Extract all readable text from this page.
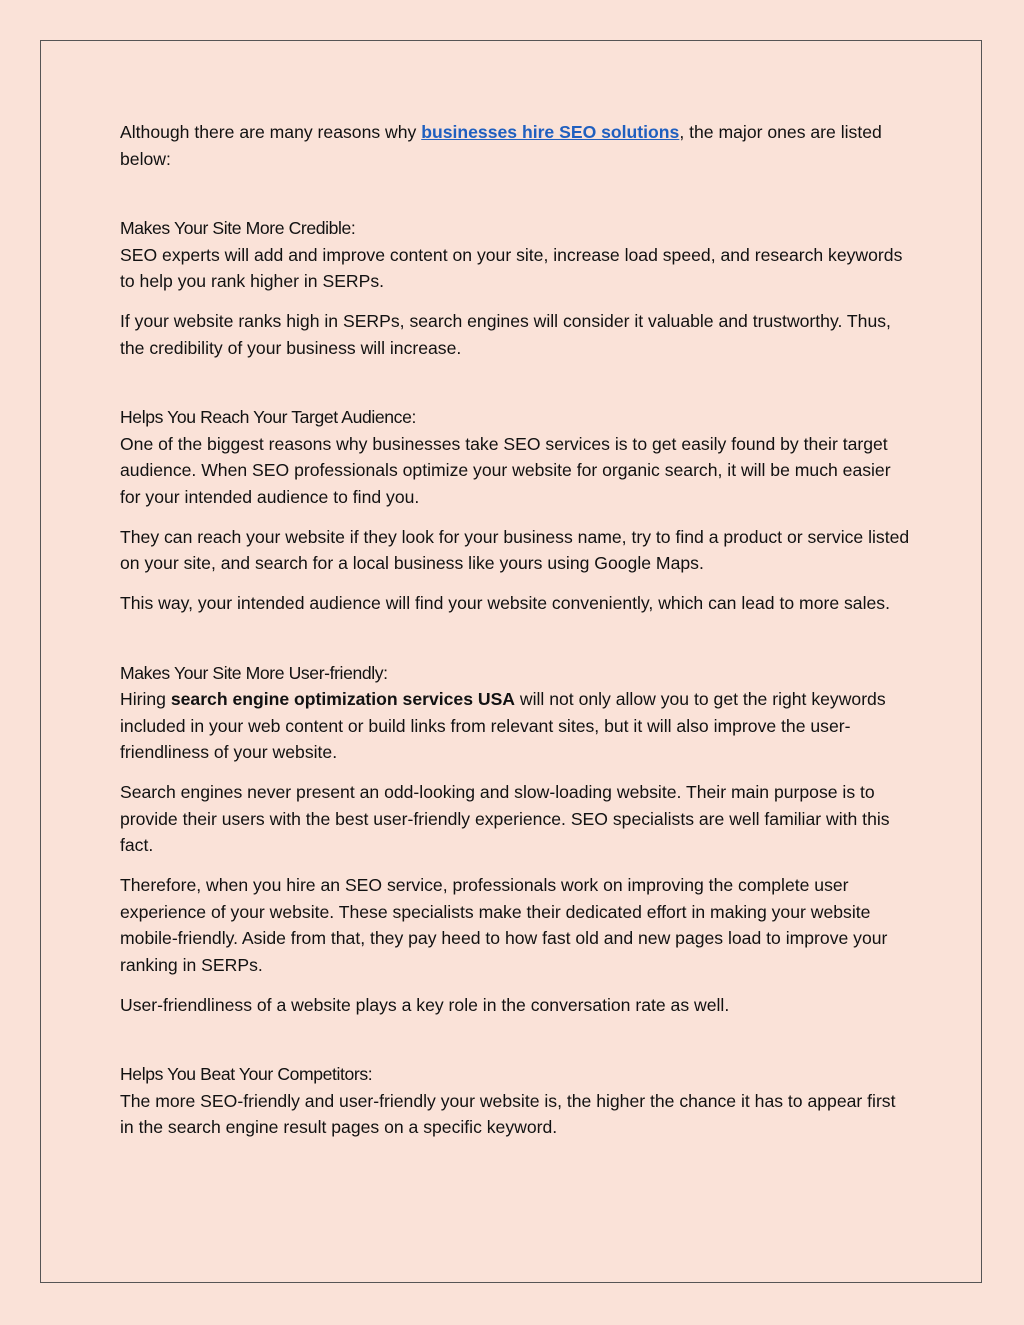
Although there are many reasons why businesses hire SEO solutions, the major ones are listed below:

Makes Your Site More Credible:

SEO experts will add and improve content on your site, increase load speed, and research keywords to help you rank higher in SERPs.

If your website ranks high in SERPs, search engines will consider it valuable and trustworthy. Thus, the credibility of your business will increase.

Helps You Reach Your Target Audience:

One of the biggest reasons why businesses take SEO services is to get easily found by their target audience. When SEO professionals optimize your website for organic search, it will be much easier for your intended audience to find you.

They can reach your website if they look for your business name, try to find a product or service listed on your site, and search for a local business like yours using Google Maps.

This way, your intended audience will find your website conveniently, which can lead to more sales.

Makes Your Site More User-friendly:

Hiring search engine optimization services USA will not only allow you to get the right keywords included in your web content or build links from relevant sites, but it will also improve the user-friendliness of your website.

Search engines never present an odd-looking and slow-loading website. Their main purpose is to provide their users with the best user-friendly experience. SEO specialists are well familiar with this fact.

Therefore, when you hire an SEO service, professionals work on improving the complete user experience of your website. These specialists make their dedicated effort in making your website mobile-friendly. Aside from that, they pay heed to how fast old and new pages load to improve your ranking in SERPs.

User-friendliness of a website plays a key role in the conversation rate as well.

Helps You Beat Your Competitors:

The more SEO-friendly and user-friendly your website is, the higher the chance it has to appear first in the search engine result pages on a specific keyword.
